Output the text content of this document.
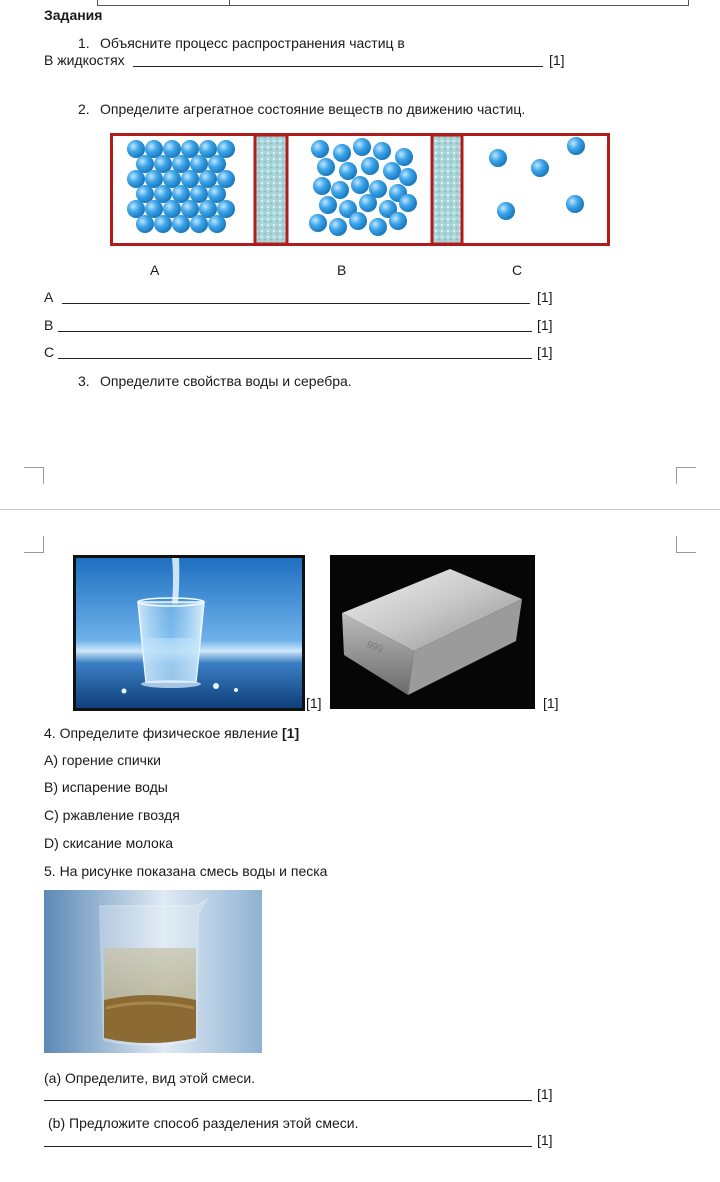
Задания
1. Объясните процесс распространения частиц в
В жидкостях	[1]
2. Определите агрегатное состояние веществ по движению частиц.
A	B	C
A	[1]
B	[1]
C	[1]
3. Определите свойства воды и серебра.
[1]
999
[1]
4. Определите физическое явление [1]
A) горение спички
B) испарение воды
C) ржавление гвоздя
D) скисание молока
5. На рисунке показана смесь воды и песка
(a) Определите, вид этой смеси.
[1]
(b) Предложите способ разделения этой смеси.
[1]
